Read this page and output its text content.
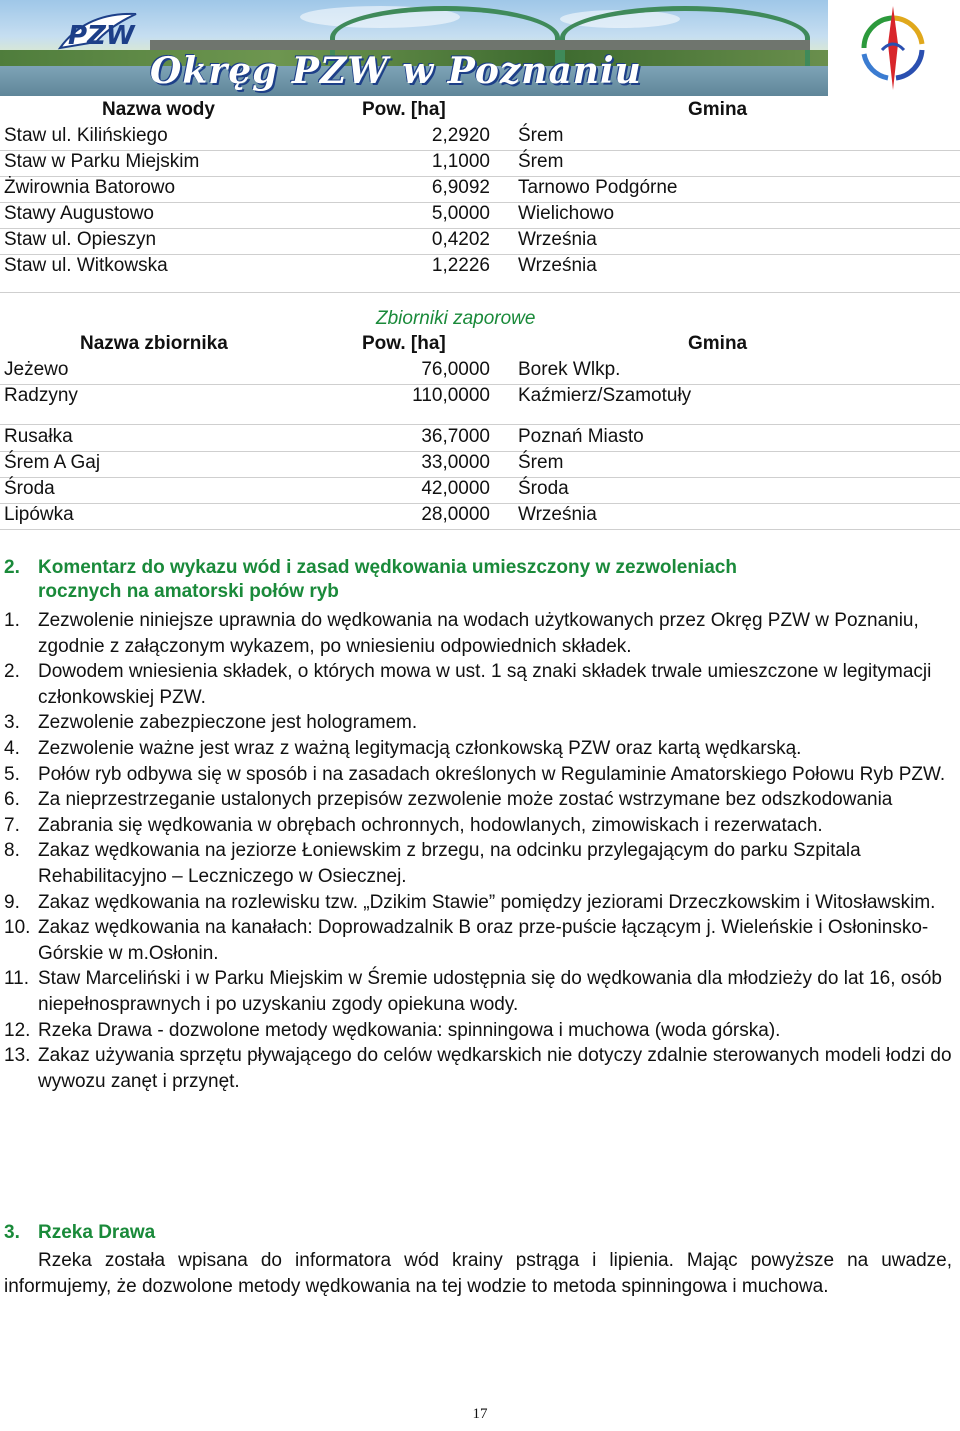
PZW
Okręg PZW w Poznaniu
Nazwa wody	Pow. [ha]	Gmina
Staw ul. Kilińskiego	2,2920 Śrem
Staw w Parku Miejskim	1,1000 Śrem
Żwirownia Batorowo	6,9092 Tarnowo Podgórne
Stawy Augustowo	5,0000 Wielichowo
Staw ul. Opieszyn	0,4202 Września
Staw ul. Witkowska	1,2226 Września
Zbiorniki zaporowe
Nazwa zbiornika	Pow. [ha]	Gmina
Jeżewo	76,0000 Borek Wlkp.
Radzyny	110,0000 Kaźmierz/Szamotuły
Rusałka	36,7000 Poznań Miasto
Śrem A Gaj	33,0000 Śrem
Środa	42,0000 Środa
Lipówka	28,0000 Września
2. Komentarz do wykazu wód i zasad wędkowania umieszczony w zezwoleniach
rocznych na amatorski połów ryb
1. Zezwolenie niniejsze uprawnia do wędkowania na wodach użytkowanych przez Okręg PZW w Poznaniu, zgodnie z załączonym wykazem, po wniesieniu odpowiednich składek.
2. Dowodem wniesienia składek, o których mowa w ust. 1 są znaki składek trwale umieszczone w legitymacji członkowskiej PZW.
3. Zezwolenie zabezpieczone jest hologramem.
4. Zezwolenie ważne jest wraz z ważną legitymacją członkowską PZW oraz kartą wędkarską.
5. Połów ryb odbywa się w sposób i na zasadach określonych w Regulaminie Amatorskiego Połowu Ryb PZW.
6. Za nieprzestrzeganie ustalonych przepisów zezwolenie może zostać wstrzymane bez odszkodowania
7. Zabrania się wędkowania w obrębach ochronnych, hodowlanych, zimowiskach i rezerwatach.
8. Zakaz wędkowania na jeziorze Łoniewskim z brzegu, na odcinku przylegającym do parku Szpitala Rehabilitacyjno – Leczniczego w Osiecznej.
9. Zakaz wędkowania na rozlewisku tzw. „Dzikim Stawie” pomiędzy jeziorami Drzeczkowskim i Witosławskim.
10. Zakaz wędkowania na kanałach: Doprowadzalnik B oraz prze-puście łączącym j. Wieleńskie i Osłoninsko-Górskie w m.Osłonin.
11. Staw Marceliński i w Parku Miejskim w Śremie udostępnia się do wędkowania dla młodzieży do lat 16, osób niepełnosprawnych i po uzyskaniu zgody opiekuna wody.
12. Rzeka Drawa - dozwolone metody wędkowania: spinningowa i muchowa (woda górska).
13. Zakaz używania sprzętu pływającego do celów wędkarskich nie dotyczy zdalnie sterowanych modeli łodzi do wywozu zanęt i przynęt.
3. Rzeka Drawa

Rzeka została wpisana do informatora wód krainy pstrąga i lipienia. Mając powyższe na uwadze, informujemy, że dozwolone metody wędkowania na tej wodzie to metoda spinningowa i muchowa.

17
